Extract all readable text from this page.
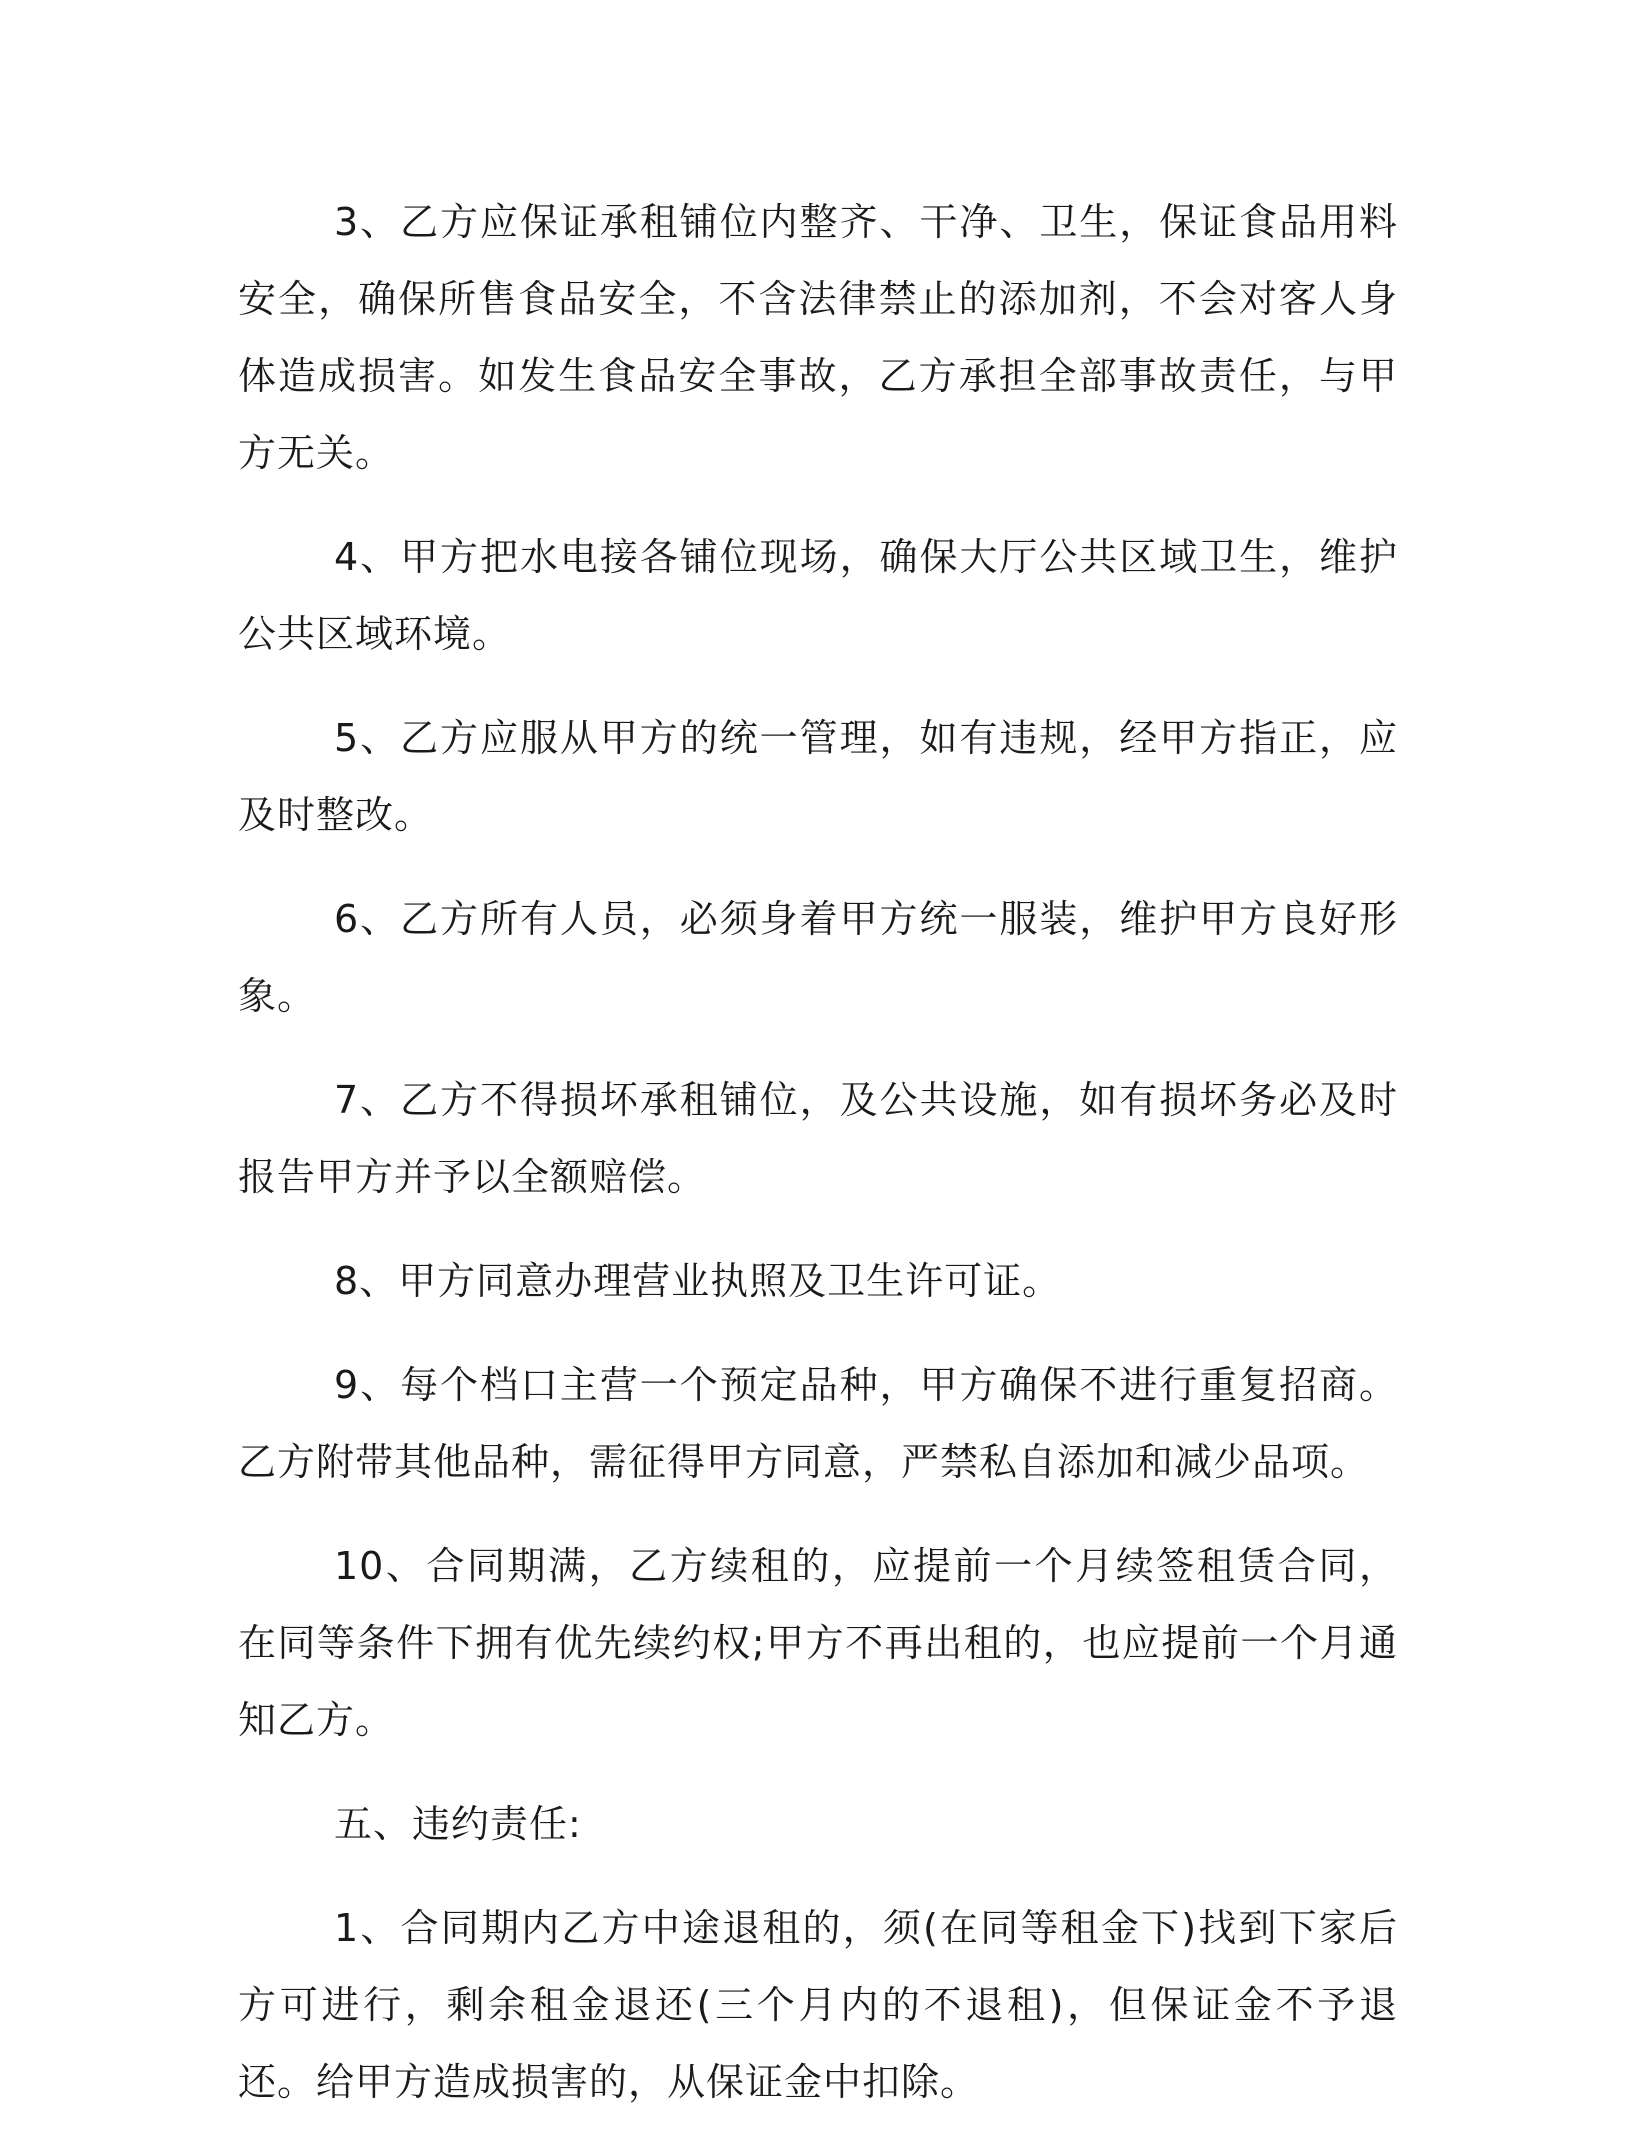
3、乙方应保证承租铺位内整齐、干净、卫生，保证食品用料安全，确保所售食品安全，不含法律禁止的添加剂，不会对客人身体造成损害。如发生食品安全事故，乙方承担全部事故责任，与甲方无关。

4、甲方把水电接各铺位现场，确保大厅公共区域卫生，维护公共区域环境。

5、乙方应服从甲方的统一管理，如有违规，经甲方指正，应及时整改。

6、乙方所有人员，必须身着甲方统一服装，维护甲方良好形象。

7、乙方不得损坏承租铺位，及公共设施，如有损坏务必及时报告甲方并予以全额赔偿。

8、甲方同意办理营业执照及卫生许可证。

9、每个档口主营一个预定品种，甲方确保不进行重复招商。乙方附带其他品种，需征得甲方同意，严禁私自添加和减少品项。

10、合同期满，乙方续租的，应提前一个月续签租赁合同，在同等条件下拥有优先续约权;甲方不再出租的，也应提前一个月通知乙方。

五、违约责任:

1、合同期内乙方中途退租的，须(在同等租金下)找到下家后方可进行，剩余租金退还(三个月内的不退租)，但保证金不予退还。给甲方造成损害的，从保证金中扣除。
